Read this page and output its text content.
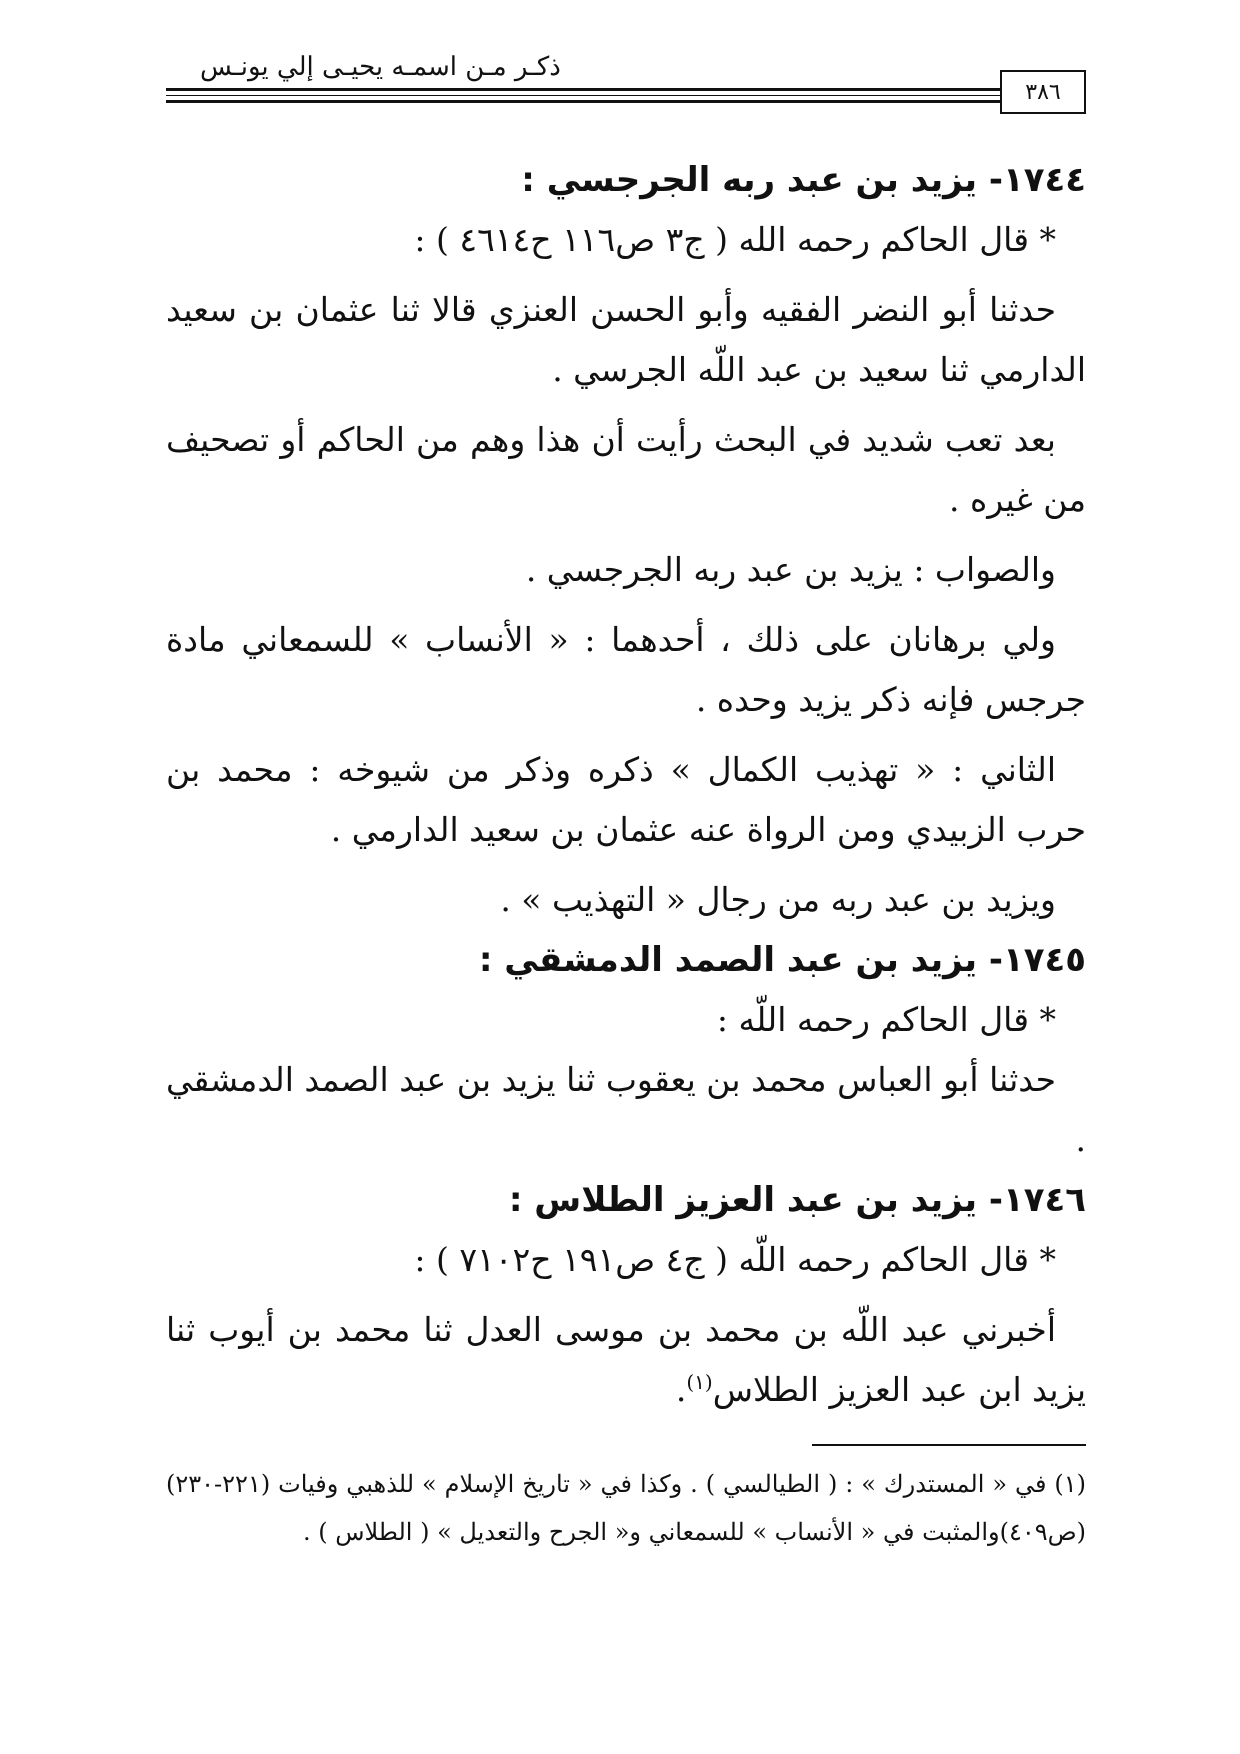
ذكـر مـن اسمـه يحيـى إلي يونـس
٣٨٦

١٧٤٤- يزيد بن عبد ربه الجرجسي :

* قال الحاكم رحمه الله ( ج٣ ص١١٦ ح٤٦١٤ ) :

حدثنا أبو النضر الفقيه وأبو الحسن العنزي قالا ثنا عثمان بن سعيد الدارمي ثنا سعيد بن عبد اللّه الجرسي .

بعد تعب شديد في البحث رأيت أن هذا وهم من الحاكم أو تصحيف من غيره .

والصواب : يزيد بن عبد ربه الجرجسي .

ولي برهانان على ذلك ، أحدهما : « الأنساب » للسمعاني مادة جرجس فإنه ذكر يزيد وحده .

الثاني : « تهذيب الكمال » ذكره وذكر من شيوخه : محمد بن حرب الزبيدي ومن الرواة عنه عثمان بن سعيد الدارمي .

ويزيد بن عبد ربه من رجال « التهذيب » .

١٧٤٥- يزيد بن عبد الصمد الدمشقي :

* قال الحاكم رحمه اللّه :

حدثنا أبو العباس محمد بن يعقوب ثنا يزيد بن عبد الصمد الدمشقي .

١٧٤٦- يزيد بن عبد العزيز الطلاس :

* قال الحاكم رحمه اللّه ( ج٤ ص١٩١ ح٧١٠٢ ) :

أخبرني عبد اللّه بن محمد بن موسى العدل ثنا محمد بن أيوب ثنا يزيد ابن عبد العزيز الطلاس$^{(١)}$.

(١) في « المستدرك » : ( الطيالسي ) . وكذا في « تاريخ الإسلام » للذهبي وفيات (٢٢١-٢٣٠) (ص٤٠٩)والمثبت في « الأنساب » للسمعاني و« الجرح والتعديل » ( الطلاس ) .
